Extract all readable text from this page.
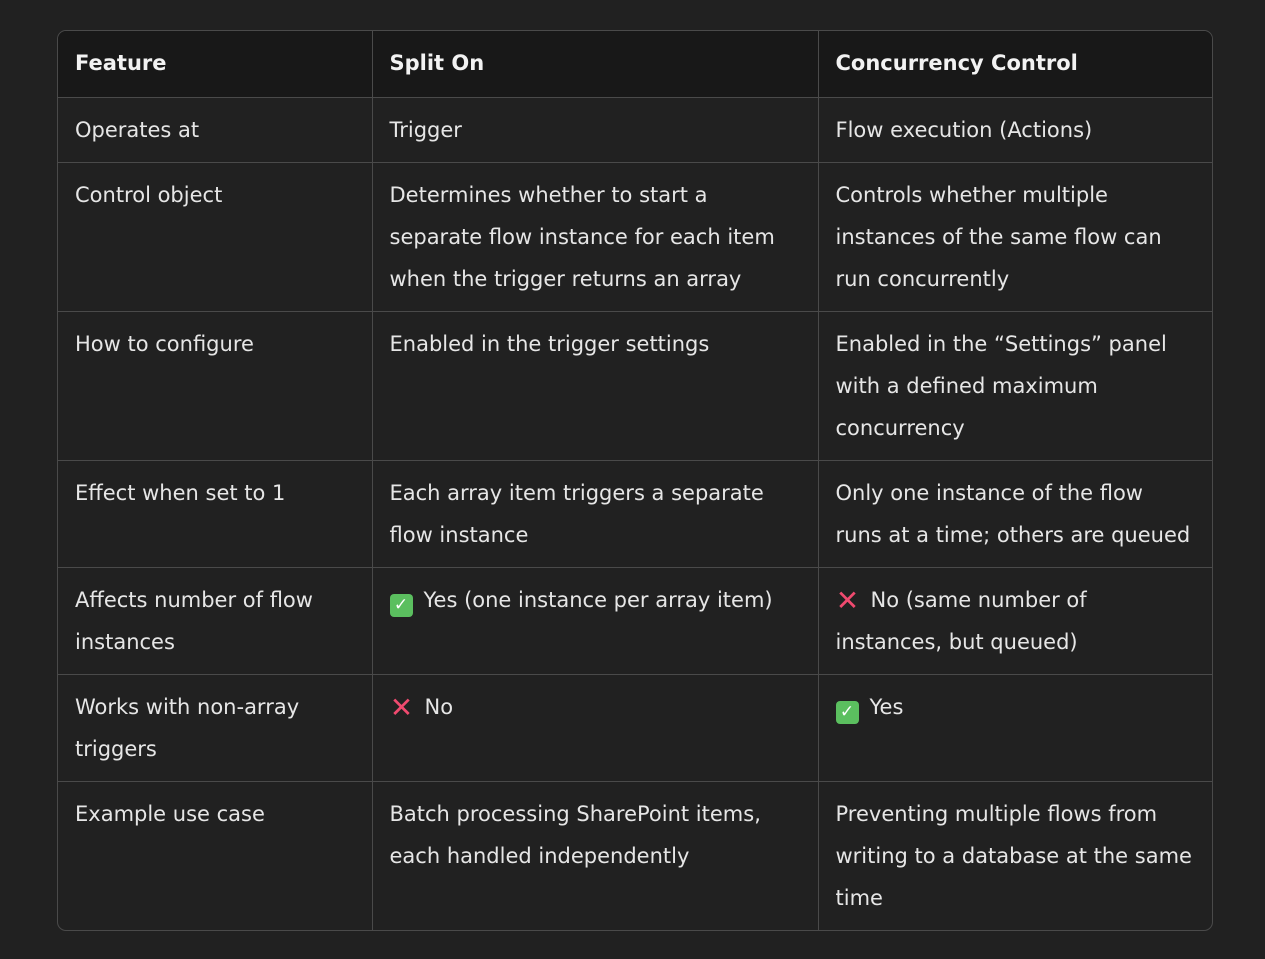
Feature	Split On	Concurrency Control
Operates at	Trigger	Flow execution (Actions)
Control object	Determines whether to start a separate flow instance for each item when the trigger returns an array	Controls whether multiple instances of the same flow can run concurrently
How to configure	Enabled in the trigger settings	Enabled in the “Settings” panel with a defined maximum concurrency
Effect when set to 1	Each array item triggers a separate flow instance	Only one instance of the flow runs at a time; others are queued
Affects number of flow instances	✓ Yes (one instance per array item)	✕ No (same number of instances, but queued)
Works with non-array triggers	✕ No	✓ Yes
Example use case	Batch processing SharePoint items, each handled independently	Preventing multiple flows from writing to a database at the same time
